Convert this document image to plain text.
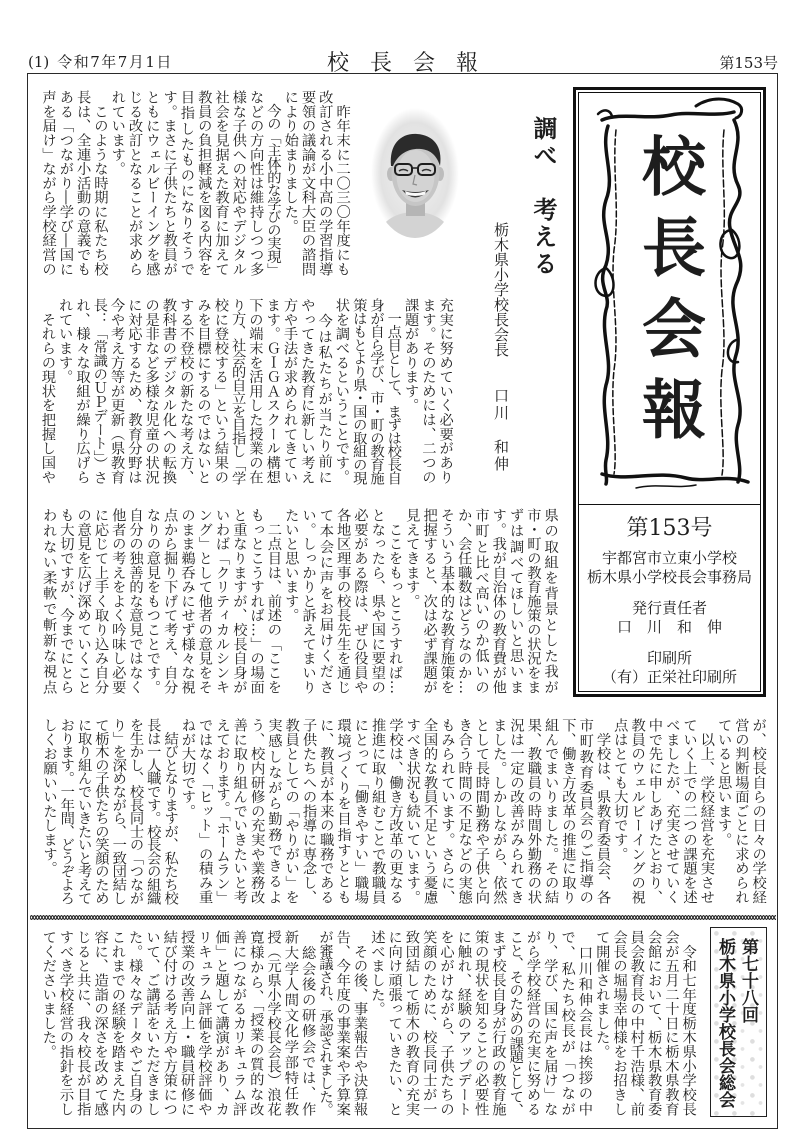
(1) 令和7年7月1日	校長会報	第153号
調べ　考える
栃木県小学校長会長
口川　和伸
　昨年末に二〇三〇年度にも
改訂される小中高の学習指導
要領の議論が文科大臣の諮問
により始まりました。
　今の「主体的な学びの実現」
などの方向性は維持しつつ多
様な子供への対応やデジタル
社会を見据えた教育に加えて
教員の負担軽減を図る内容を
目指したものになりそうで
す。まさに子供たちと教員が
ともにウェルビーイングを感
じる改訂となることが求めら
れています。
　このような時期に私たち校
長は、全連小活動の意義でも
ある「つながり―学び―国に
声を届け」ながら学校経営の
充実に努めていく必要があり
ます。そのためには、二つの
課題があります。
　一点目として、まずは校長自
身が自ら学び、市・町の教育施
策はもとより県・国の取組の現
状を調べるということです。
　今は私たちが当たり前に
やってきた教育に新しい考え
方や手法が求められてきてい
ます。ＧＩＧＡスクール構想
下の端末を活用した授業の在
り方、社会的自立を目指し「学
校に登校する」という結果の
みを目標にするのではないと
する不登校の新たな考え方、
教科書のデジタル化への転換
の是非など多様な児童の状況
に対応するため、教育分野は
今や考え方等が更新（県教育
長：「常識のＵＰデート」）さ
れ、様々な取組が繰り広げら
れています。
　それらの現状を把握し国や
県の取組を背景とした我が
市・町の教育施策の状況をま
ずは調べてほしいと思いま
す。我が自治体の教育費が他
市町と比べ高いのか低いの
か、会任職数はどうなのか…
そういう基本的な教育施策を
把握すると、次は必ず課題が
見えてきます。
　ここをもっとこうすれば…
となったら、県や国に要望の
必要がある際は、ぜひ役員や
各地区理事の校長先生を通じ
て本会に声をお届けくださ
い。しっかりと訴えてまいり
たいと思います。
　二点目は、前述の「ここを
もっとこうすれば…」の場面
と重なりますが、校長自身が
いわば「クリティカルシンキ
ング」として他者の意見をそ
のまま鵜呑みにせず様々な視
点から掘り下げて考え、自分
なりの意見をもつことです。
自分の独善的な意見ではなく
他者の考えをよく吟味し必要
に応じて上手く取り込み自分
の意見を広げ深めていくこと
も大切ですが、今までにとら
われない柔軟で斬新な視点
が、校長自らの日々の学校経
営の判断場面ごとに求められ
ていると思います。
　以上、学校経営を充実させ
ていく上での二つの課題を述
べましたが、充実させていく
中で先に申しあげたとおり、
教員のウェルビーイングの視
点はとても大切です。
　学校は、県教育委員会、各
市町教育委員会のご指導の
下、働き方改革の推進に取り
組んでまいりました。その結
果、教職員の時間外勤務の状
況は一定の改善がみられてき
ました。しかしながら、依然
として長時間勤務や子供と向
き合う時間の不足などの実態
もみられています。さらに、
全国的な教員不足という憂慮
すべき状況も続いています。
学校は、働き方改革の更なる
推進に取り組むことで教職員
にとって「働きやすい」職場
環境づくりを目指すととも
に、教員が本来の職務である
子供たちへの指導に専念し、
教員としての「やりがい」を
実感しながら勤務できるよ
う、校内研修の充実や業務改
善に取り組んでいきたいと考
えております。「ホームラン」
ではなく「ヒット」の積み重
ねが大切です。
　結びとなりますが、私たち校
長は一人職です。校長会の組織
を生かし、校長同士の「つなが
り」を深めながら、一致団結し
て栃木の子供たちの笑顔のため
に取り組んでいきたいと考えて
おります。一年間、どうぞよろ
しくお願いいたします。
校長会報
第153号
宇都宮市立東小学校
栃木県小学校長会事務局
発行責任者
口　川　和　伸
印刷所
（有）正栄社印刷所
第七十八回
栃木県小学校長会総会
　令和七年度栃木県小学校長
会が五月二十日に栃木県教育
会館において、栃木県教育委
員会教育長の中村千浩様、前
会長の堀場幸伸様をお招きし
て開催されました。
　口川和伸会長は挨拶の中
で、私たち校長が「つなが
り、学び、国に声を届け」な
がら学校経営の充実に努める
こと、そのための課題として、
まず校長自身が行政の教育施
策の現状を知ることの必要性
に触れ、経験のアップデート
を心がけながら、子供たちの
笑顔のために、校長同士が一
致団結して栃木の教育の充実
に向け頑張っていきたい、と
述べました。
　その後、事業報告や決算報
告、今年度の事業案や予算案
が審議され、承認されました。
　総会後の研修会では、作
新大学人間文化学部特任教
授（元県小学校長会長）浪花
寛様から、「授業の質的な改
善につながるカリキュラム評
価」と題して講演があり、カ
リキュラム評価を学校評価や
授業の改善向上・職員研修に
結び付ける考え方や方策につ
いて、ご講話をいただきまし
た。様々なデータやご自身の
これまでの経験を踏まえた内
容に、造詣の深さを改めて感
じると共に、我々校長が目指
すべき学校経営の指針を示し
てくださいました。
